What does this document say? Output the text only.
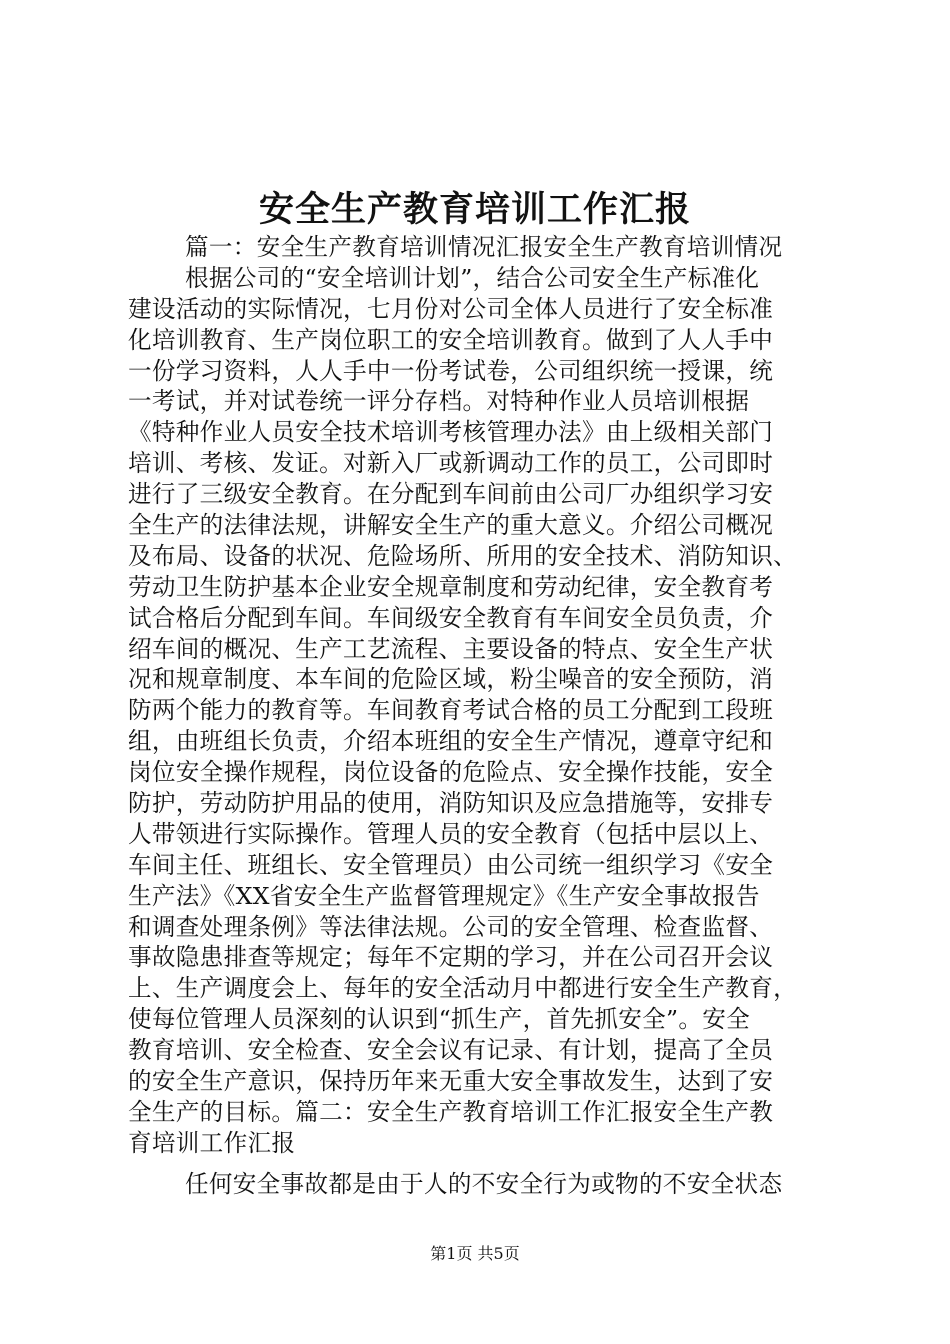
安全生产教育培训工作汇报
篇一：安全生产教育培训情况汇报安全生产教育培训情况
根据公司的“安全培训计划”，结合公司安全生产标准化
建设活动的实际情况，七月份对公司全体人员进行了安全标准
化培训教育、生产岗位职工的安全培训教育。做到了人人手中
一份学习资料，人人手中一份考试卷，公司组织统一授课，统
一考试，并对试卷统一评分存档。对特种作业人员培训根据
《特种作业人员安全技术培训考核管理办法》由上级相关部门
培训、考核、发证。对新入厂或新调动工作的员工，公司即时
进行了三级安全教育。在分配到车间前由公司厂办组织学习安
全生产的法律法规，讲解安全生产的重大意义。介绍公司概况
及布局、设备的状况、危险场所、所用的安全技术、消防知识、
劳动卫生防护基本企业安全规章制度和劳动纪律，安全教育考
试合格后分配到车间。车间级安全教育有车间安全员负责，介
绍车间的概况、生产工艺流程、主要设备的特点、安全生产状
况和规章制度、本车间的危险区域，粉尘噪音的安全预防，消
防两个能力的教育等。车间教育考试合格的员工分配到工段班
组，由班组长负责，介绍本班组的安全生产情况，遵章守纪和
岗位安全操作规程，岗位设备的危险点、安全操作技能，安全
防护，劳动防护用品的使用，消防知识及应急措施等，安排专
人带领进行实际操作。管理人员的安全教育（包括中层以上、
车间主任、班组长、安全管理员）由公司统一组织学习《安全
生产法》《XX省安全生产监督管理规定》《生产安全事故报告
和调查处理条例》等法律法规。公司的安全管理、检查监督、
事故隐患排查等规定；每年不定期的学习，并在公司召开会议
上、生产调度会上、每年的安全活动月中都进行安全生产教育，
使每位管理人员深刻的认识到“抓生产，首先抓安全”。安全
教育培训、安全检查、安全会议有记录、有计划，提高了全员
的安全生产意识，保持历年来无重大安全事故发生，达到了安
全生产的目标。篇二：安全生产教育培训工作汇报安全生产教
育培训工作汇报
任何安全事故都是由于人的不安全行为或物的不安全状态
第1页 共5页
